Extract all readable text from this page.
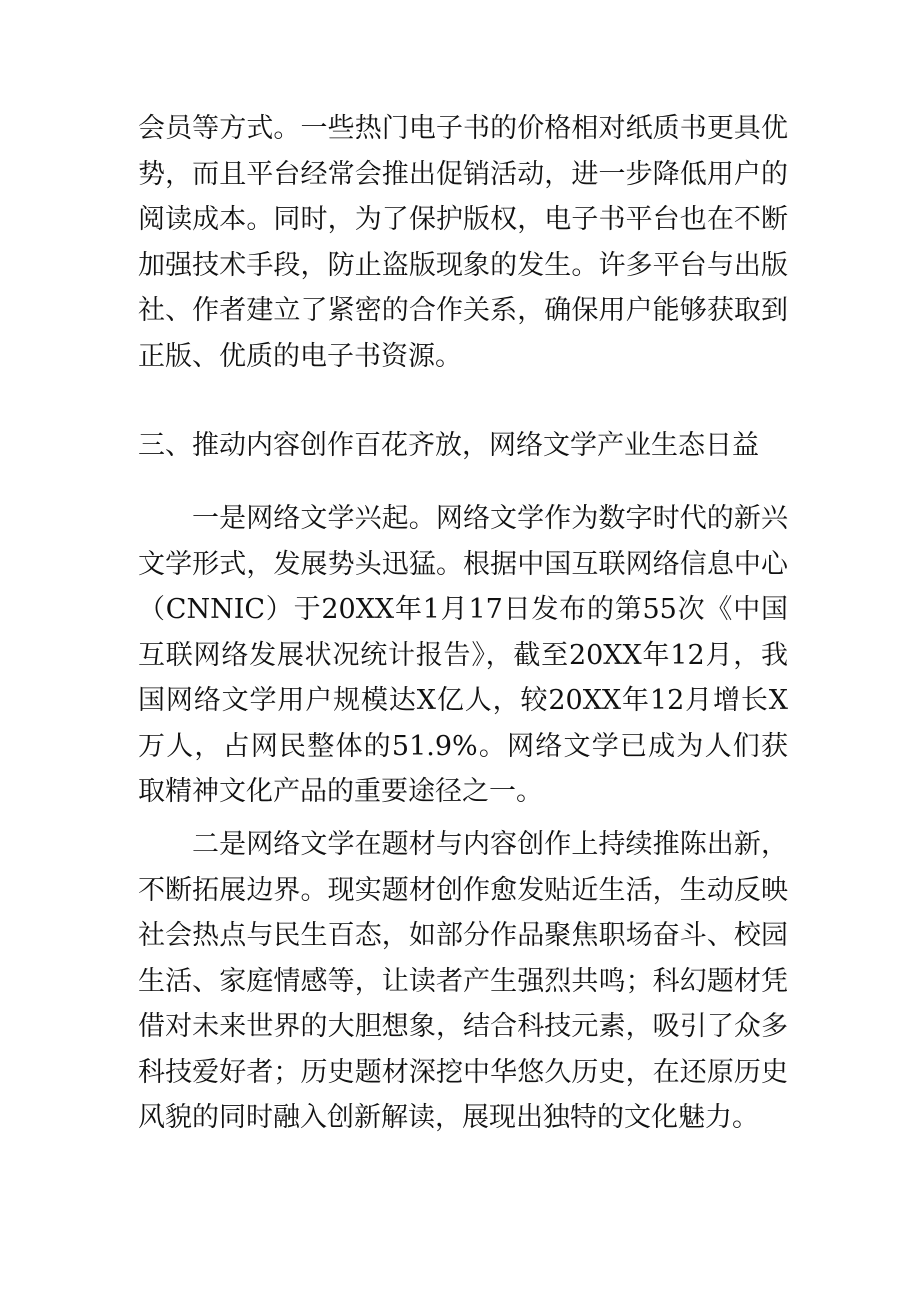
会员等方式。一些热门电子书的价格相对纸质书更具优势，而且平台经常会推出促销活动，进一步降低用户的阅读成本。同时，为了保护版权，电子书平台也在不断加强技术手段，防止盗版现象的发生。许多平台与出版社、作者建立了紧密的合作关系，确保用户能够获取到正版、优质的电子书资源。

三、推动内容创作百花齐放，网络文学产业生态日益

一是网络文学兴起。网络文学作为数字时代的新兴文学形式，发展势头迅猛。根据中国互联网络信息中心（CNNIC）于20XX年1月17日发布的第55次《中国互联网络发展状况统计报告》，截至20XX年12月，我国网络文学用户规模达X亿人，较20XX年12月增长X万人，占网民整体的51.9%。网络文学已成为人们获取精神文化产品的重要途径之一。

二是网络文学在题材与内容创作上持续推陈出新，不断拓展边界。现实题材创作愈发贴近生活，生动反映社会热点与民生百态，如部分作品聚焦职场奋斗、校园生活、家庭情感等，让读者产生强烈共鸣；科幻题材凭借对未来世界的大胆想象，结合科技元素，吸引了众多科技爱好者；历史题材深挖中华悠久历史，在还原历史风貌的同时融入创新解读，展现出独特的文化魅力。
